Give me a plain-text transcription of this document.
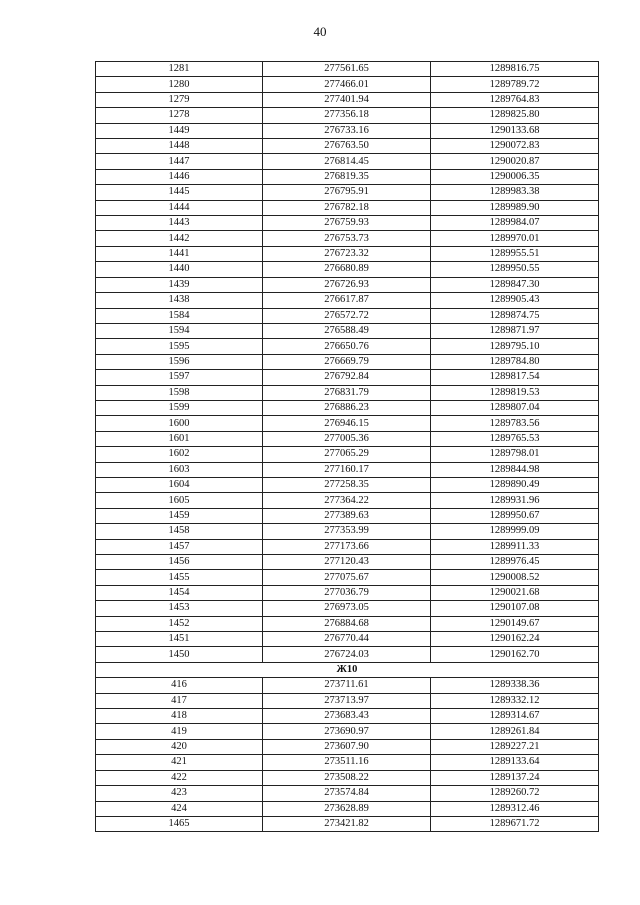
40
1281	277561.65	1289816.75
1280	277466.01	1289789.72
1279	277401.94	1289764.83
1278	277356.18	1289825.80
1449	276733.16	1290133.68
1448	276763.50	1290072.83
1447	276814.45	1290020.87
1446	276819.35	1290006.35
1445	276795.91	1289983.38
1444	276782.18	1289989.90
1443	276759.93	1289984.07
1442	276753.73	1289970.01
1441	276723.32	1289955.51
1440	276680.89	1289950.55
1439	276726.93	1289847.30
1438	276617.87	1289905.43
1584	276572.72	1289874.75
1594	276588.49	1289871.97
1595	276650.76	1289795.10
1596	276669.79	1289784.80
1597	276792.84	1289817.54
1598	276831.79	1289819.53
1599	276886.23	1289807.04
1600	276946.15	1289783.56
1601	277005.36	1289765.53
1602	277065.29	1289798.01
1603	277160.17	1289844.98
1604	277258.35	1289890.49
1605	277364.22	1289931.96
1459	277389.63	1289950.67
1458	277353.99	1289999.09
1457	277173.66	1289911.33
1456	277120.43	1289976.45
1455	277075.67	1290008.52
1454	277036.79	1290021.68
1453	276973.05	1290107.08
1452	276884.68	1290149.67
1451	276770.44	1290162.24
1450	276724.03	1290162.70
Ж10		
416	273711.61	1289338.36
417	273713.97	1289332.12
418	273683.43	1289314.67
419	273690.97	1289261.84
420	273607.90	1289227.21
421	273511.16	1289133.64
422	273508.22	1289137.24
423	273574.84	1289260.72
424	273628.89	1289312.46
1465	273421.82	1289671.72
